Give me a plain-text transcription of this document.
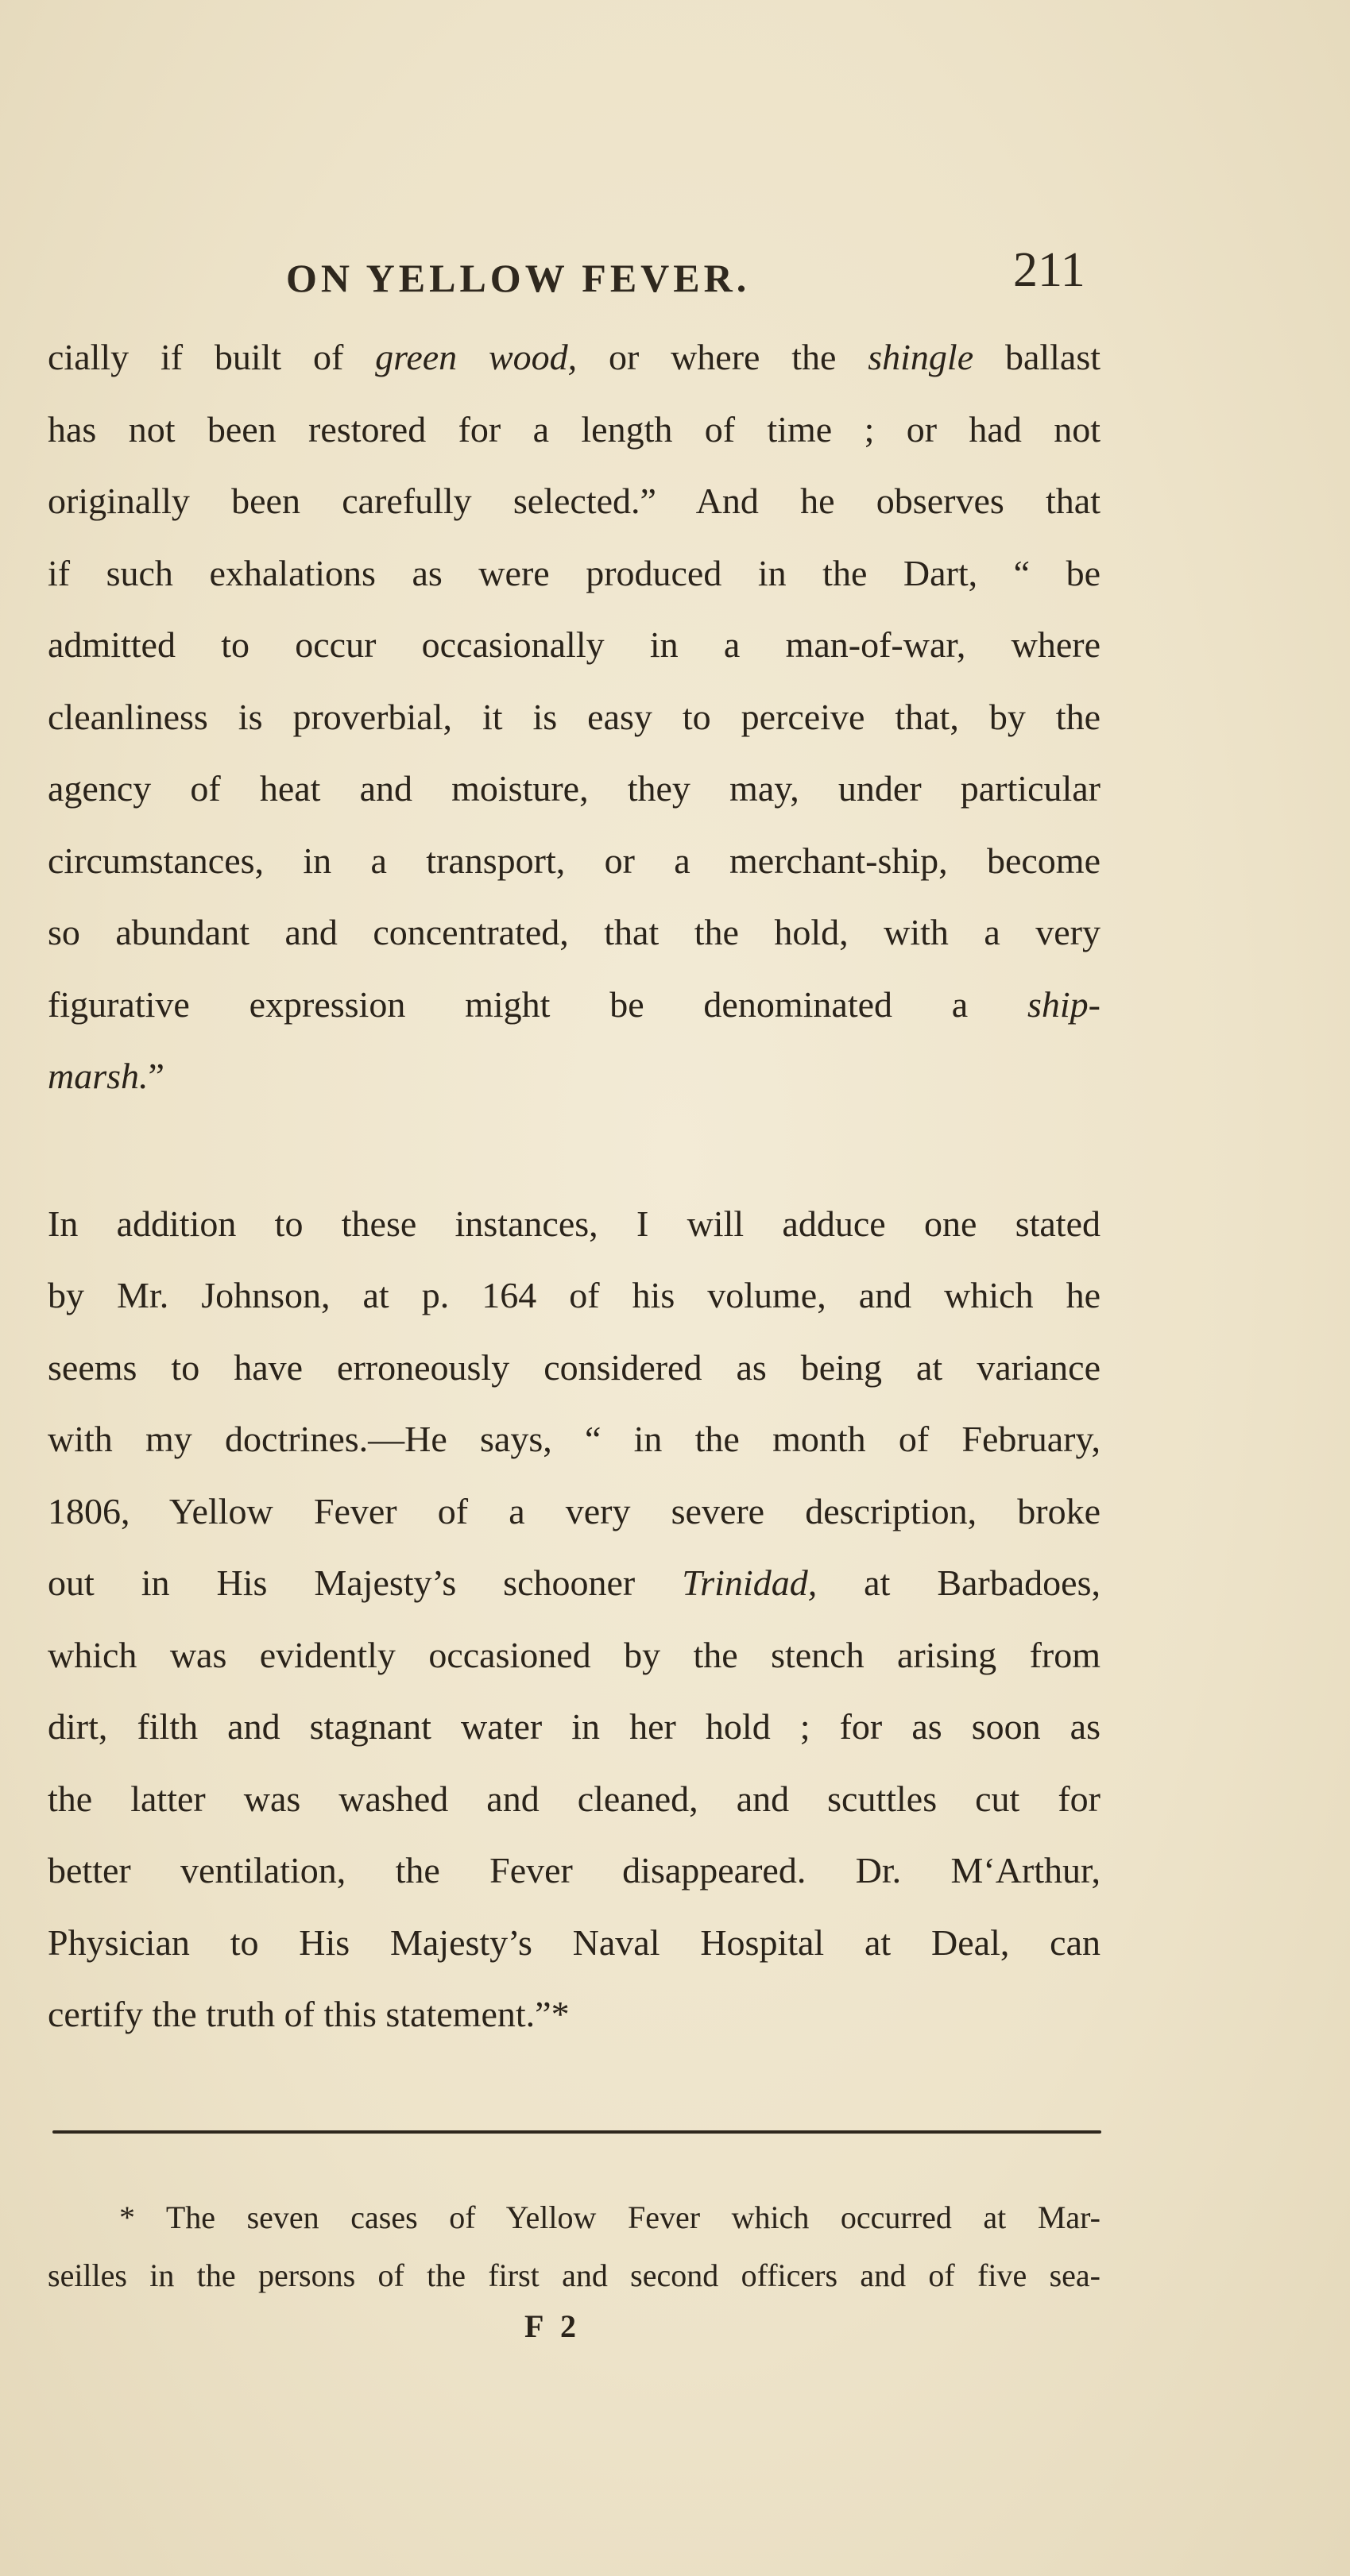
ON YELLOW FEVER.	211
cially if built of green wood, or where the shingle ballast
has not been restored for a length of time ; or had not
originally been carefully selected.” And he observes that
if such exhalations as were produced in the Dart, “ be
admitted to occur occasionally in a man-of-war, where
cleanliness is proverbial, it is easy to perceive that, by the
agency of heat and moisture, they may, under particular
circumstances, in a transport, or a merchant-ship, become
so abundant and concentrated, that the hold, with a very
figurative expression might be denominated a ship-
marsh.”
In addition to these instances, I will adduce one stated
by Mr. Johnson, at p. 164 of his volume, and which he
seems to have erroneously considered as being at variance
with my doctrines.—He says, “ in the month of February,
1806, Yellow Fever of a very severe description, broke
out in His Majesty’s schooner Trinidad, at Barbadoes,
which was evidently occasioned by the stench arising from
dirt, filth and stagnant water in her hold ; for as soon as
the latter was washed and cleaned, and scuttles cut for
better ventilation, the Fever disappeared. Dr. M‘Arthur,
Physician to His Majesty’s Naval Hospital at Deal, can
certify the truth of this statement.”*
* The seven cases of Yellow Fever which occurred at Mar-
seilles in the persons of the first and second officers and of five sea-
F 2
